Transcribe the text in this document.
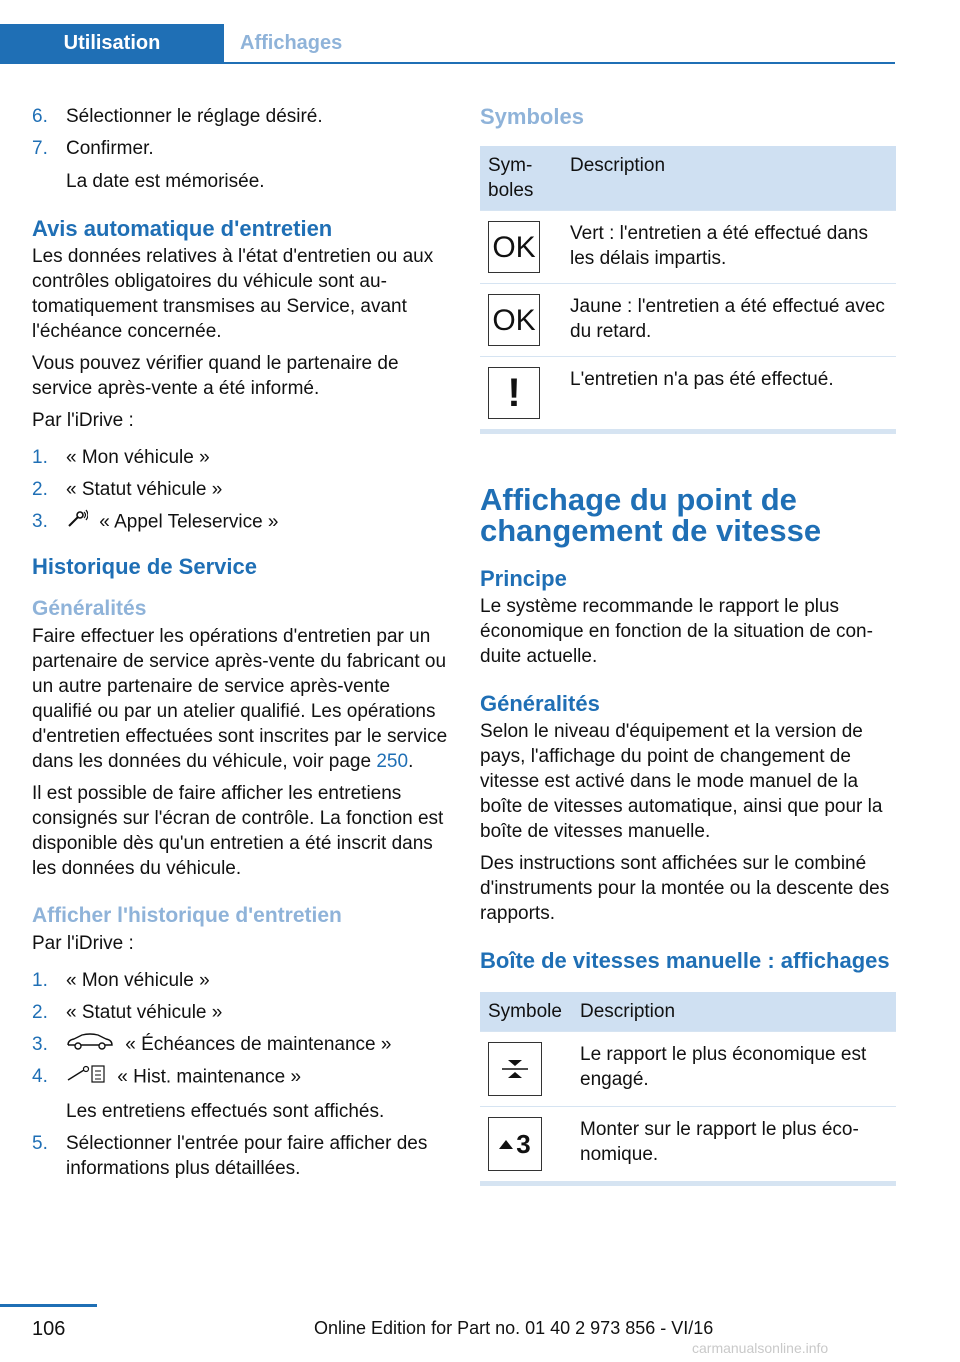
Utilisation	Affichages
6. Sélectionner le réglage désiré.
7. Confirmer.
La date est mémorisée.
Avis automatique d'entretien

Les données relatives à l'état d'entretien ou aux contrôles obligatoires du véhicule sont automatiquement transmises au Service, avant l'échéance concernée.

Vous pouvez vérifier quand le partenaire de service après-vente a été informé.

Par l'iDrive :

1. « Mon véhicule »
2. « Statut véhicule »
3.	« Appel Teleservice »
Historique de Service
Généralités

Faire effectuer les opérations d'entretien par un partenaire de service après-vente du fabricant ou un autre partenaire de service après-vente qualifié ou par un atelier qualifié. Les opérations d'entretien effectuées sont inscrites par le service dans les données du véhicule, voir page 250.

Il est possible de faire afficher les entretiens consignés sur l'écran de contrôle. La fonction est disponible dès qu'un entretien a été inscrit dans les données du véhicule.

Afficher l'historique d'entretien

Par l'iDrive :

1. « Mon véhicule »
2. « Statut véhicule »
3.	« Échéances de maintenance »
4.	« Hist. maintenance »
Les entretiens effectués sont affichés.
5. Sélectionner l'entrée pour faire afficher des informations plus détaillées.
Symboles
Symboles	Description

OK	Vert : l'entretien a été effectué dans les délais impartis.

OK	Jaune : l'entretien a été effectué avec du retard.

!	L'entretien n'a pas été effectué.
Affichage du point de changement de vitesse
Principe

Le système recommande le rapport le plus économique en fonction de la situation de conduite actuelle.

Généralités

Selon le niveau d'équipement et la version de pays, l'affichage du point de changement de vitesse est activé dans le mode manuel de la boîte de vitesses automatique, ainsi que pour la boîte de vitesses manuelle.

Des instructions sont affichées sur le combiné d'instruments pour la montée ou la descente des rapports.

Boîte de vitesses manuelle : affichages
Symbole	Description

	Le rapport le plus économique est engagé.

3	Monter sur le rapport le plus économique.
106	Online Edition for Part no. 01 40 2 973 856 - VI/16
carmanualsonline.info
